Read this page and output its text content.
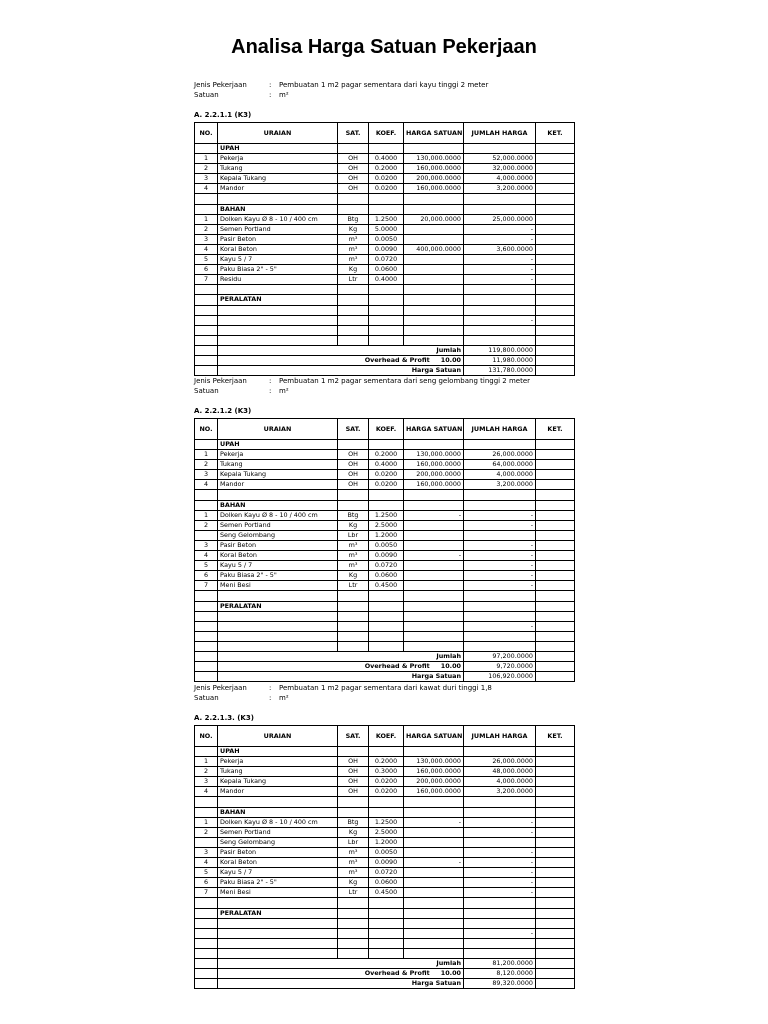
Analisa Harga Satuan Pekerjaan
Jenis Pekerjaan	: Pembuatan 1 m2 pagar sementara dari kayu tinggi 2 meter
Satuan	: m²
A. 2.2.1.1 (K3)
NO.	URAIAN	SAT.	KOEF.	HARGA SATUAN	JUMLAH HARGA	KET.
	UPAH					
1	Pekerja	OH	0.4000	130,000.0000	52,000.0000	
2	Tukang	OH	0.2000	160,000.0000	32,000.0000	
3	Kepala Tukang	OH	0.0200	200,000.0000	4,000.0000	
4	Mandor	OH	0.0200	160,000.0000	3,200.0000	

	BAHAN					
1	Dolken Kayu Ø 8 - 10 / 400 cm	Btg	1.2500	20,000.0000	25,000.0000	
2	Semen Portland	Kg	5.0000		-	
3	Pasir Beton	m³	0.0050		-	
4	Koral Beton	m³	0.0090	400,000.0000	3,600.0000	
5	Kayu 5 / 7	m³	0.0720		-	
6	Paku Biasa 2" - 5"	Kg	0.0600		-	
7	Residu	Ltr	0.4000		-	

	PERALATAN					

					-	

	Jumlah				119,800.0000	
	Overhead & Profit 10.00				11,980.0000	
	Harga Satuan				131,780.0000	
Jenis Pekerjaan	: Pembuatan 1 m2 pagar sementara dari seng gelombang tinggi 2 meter
Satuan	: m²
A. 2.2.1.2 (K3)
NO.	URAIAN	SAT.	KOEF.	HARGA SATUAN	JUMLAH HARGA	KET.
	UPAH					
1	Pekerja	OH	0.2000	130,000.0000	26,000.0000	
2	Tukang	OH	0.4000	160,000.0000	64,000.0000	
3	Kepala Tukang	OH	0.0200	200,000.0000	4,000.0000	
4	Mandor	OH	0.0200	160,000.0000	3,200.0000	

	BAHAN					
1	Dolken Kayu Ø 8 - 10 / 400 cm	Btg	1.2500	-	-	
2	Semen Portland	Kg	2.5000		-	
	Seng Gelombang	Lbr	1.2000			
3	Pasir Beton	m³	0.0050		-	
4	Koral Beton	m³	0.0090	-	-	
5	Kayu 5 / 7	m³	0.0720		-	
6	Paku Biasa 2" - 5"	Kg	0.0600		-	
7	Meni Besi	Ltr	0.4500		-	

	PERALATAN					

					-	

	Jumlah				97,200.0000	
	Overhead & Profit 10.00				9,720.0000	
	Harga Satuan				106,920.0000	
Jenis Pekerjaan	: Pembuatan 1 m2 pagar sementara dari kawat duri tinggi 1,8
Satuan	: m²
A. 2.2.1.3. (K3)
NO.	URAIAN	SAT.	KOEF.	HARGA SATUAN	JUMLAH HARGA	KET.
	UPAH					
1	Pekerja	OH	0.2000	130,000.0000	26,000.0000	
2	Tukang	OH	0.3000	160,000.0000	48,000.0000	
3	Kepala Tukang	OH	0.0200	200,000.0000	4,000.0000	
4	Mandor	OH	0.0200	160,000.0000	3,200.0000	

	BAHAN					
1	Dolken Kayu Ø 8 - 10 / 400 cm	Btg	1.2500	-	-	
2	Semen Portland	Kg	2.5000		-	
	Seng Gelombang	Lbr	1.2000			
3	Pasir Beton	m³	0.0050		-	
4	Koral Beton	m³	0.0090	-	-	
5	Kayu 5 / 7	m³	0.0720		-	
6	Paku Biasa 2" - 5"	Kg	0.0600		-	
7	Meni Besi	Ltr	0.4500		-	

	PERALATAN					

					-	

	Jumlah				81,200.0000	
	Overhead & Profit 10.00				8,120.0000	
	Harga Satuan				89,320.0000	
